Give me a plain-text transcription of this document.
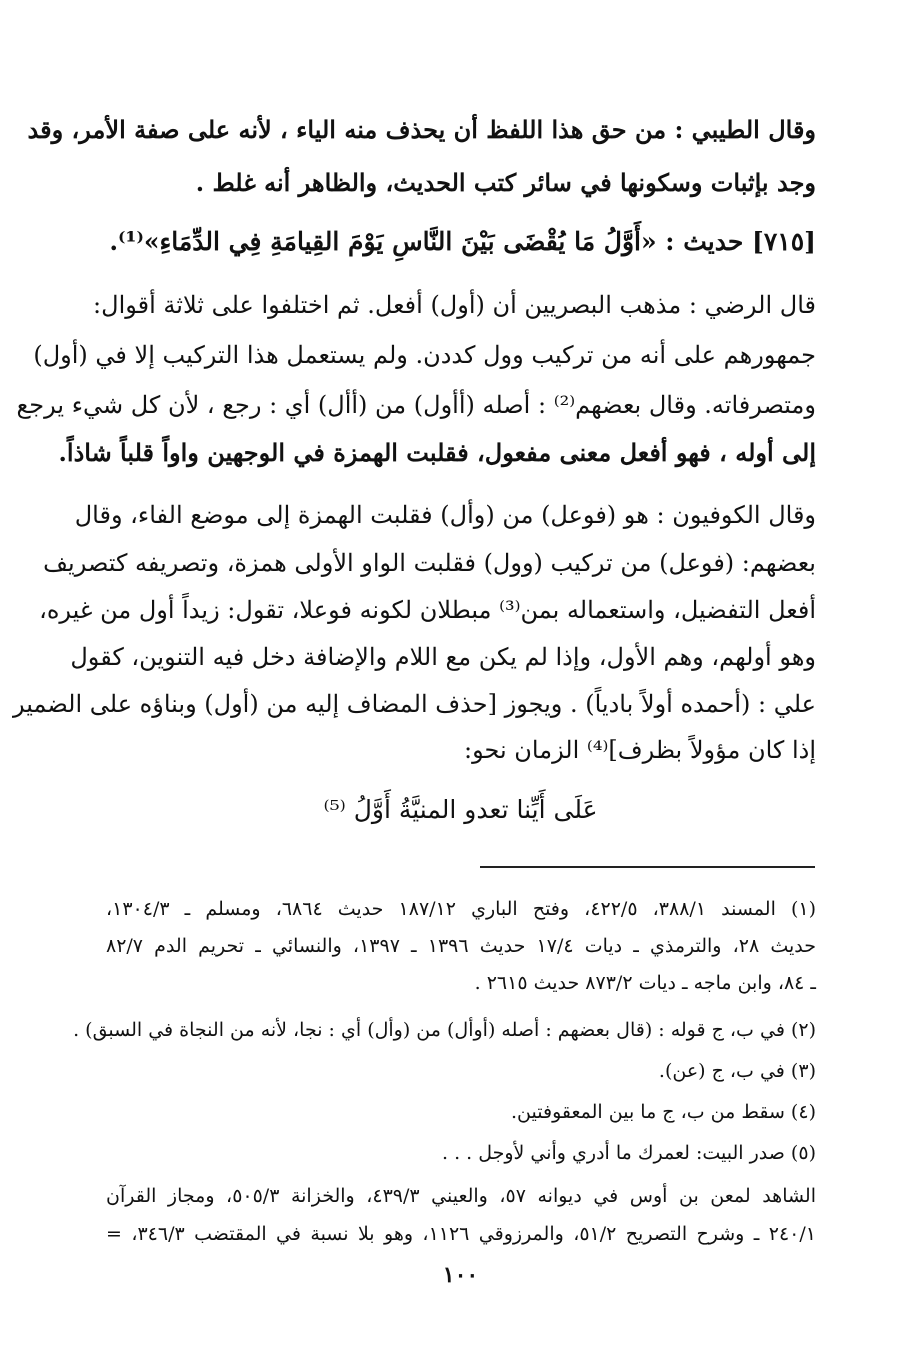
وقال الطيبي : من حق هذا اللفظ أن يحذف منه الياء ، لأنه على صفة الأمر، وقد
وجد بإثبات وسكونها في سائر كتب الحديث، والظاهر أنه غلط .
[٧١٥] حديث : «أَوَّلُ مَا يُقْضَى بَيْنَ النَّاسِ يَوْمَ القِيامَةِ فِي الدِّمَاءِ»⁽¹⁾.
قال الرضي : مذهب البصريين أن (أول) أفعل. ثم اختلفوا على ثلاثة أقوال:
جمهورهم على أنه من تركيب وول كددن. ولم يستعمل هذا التركيب إلا في (أول)
ومتصرفاته. وقال بعضهم⁽²⁾ : أصله (أأول) من (أأل) أي : رجع ، لأن كل شيء يرجع
إلى أوله ، فهو أفعل معنى مفعول، فقلبت الهمزة في الوجهين واواً قلباً شاذاً.
وقال الكوفيون : هو (فوعل) من (وأل) فقلبت الهمزة إلى موضع الفاء، وقال
بعضهم: (فوعل) من تركيب (وول) فقلبت الواو الأولى همزة، وتصريفه كتصريف
أفعل التفضيل، واستعماله بمن⁽³⁾ مبطلان لكونه فوعلا، تقول: زيداً أول من غيره،
وهو أولهم، وهم الأول، وإذا لم يكن مع اللام والإضافة دخل فيه التنوين، كقول
علي : (أحمده أولاً بادياً) . ويجوز [حذف المضاف إليه من (أول) وبناؤه على الضمير
إذا كان مؤولاً بظرف]⁽⁴⁾ الزمان نحو:
عَلَى أَيِّنا تعدو المنيَّةُ أَوَّلُ ⁽⁵⁾
(١) المسند ٣٨٨/١، ٤٢٢/٥، وفتح الباري ١٨٧/١٢ حديث ٦٨٦٤، ومسلم ـ ١٣٠٤/٣،
حديث ٢٨، والترمذي ـ ديات ١٧/٤ حديث ١٣٩٦ ـ ١٣٩٧، والنسائي ـ تحريم الدم ٨٢/٧
ـ ٨٤، وابن ماجه ـ ديات ٨٧٣/٢ حديث ٢٦١٥ .
(٢) في ب، ج قوله : (قال بعضهم : أصله (أوأل) من (وأل) أي : نجا، لأنه من النجاة في السبق) .
(٣) في ب، ج (عن).
(٤) سقط من ب، ج ما بين المعقوفتين.
(٥) صدر البيت: لعمرك ما أدري وأني لأوجل . . .
الشاهد لمعن بن أوس في ديوانه ٥٧، والعيني ٤٣٩/٣، والخزانة ٥٠٥/٣، ومجاز القرآن
٢٤٠/١ ـ وشرح التصريح ٥١/٢، والمرزوقي ١١٢٦، وهو بلا نسبة في المقتضب ٣٤٦/٣، =
١٠٠
